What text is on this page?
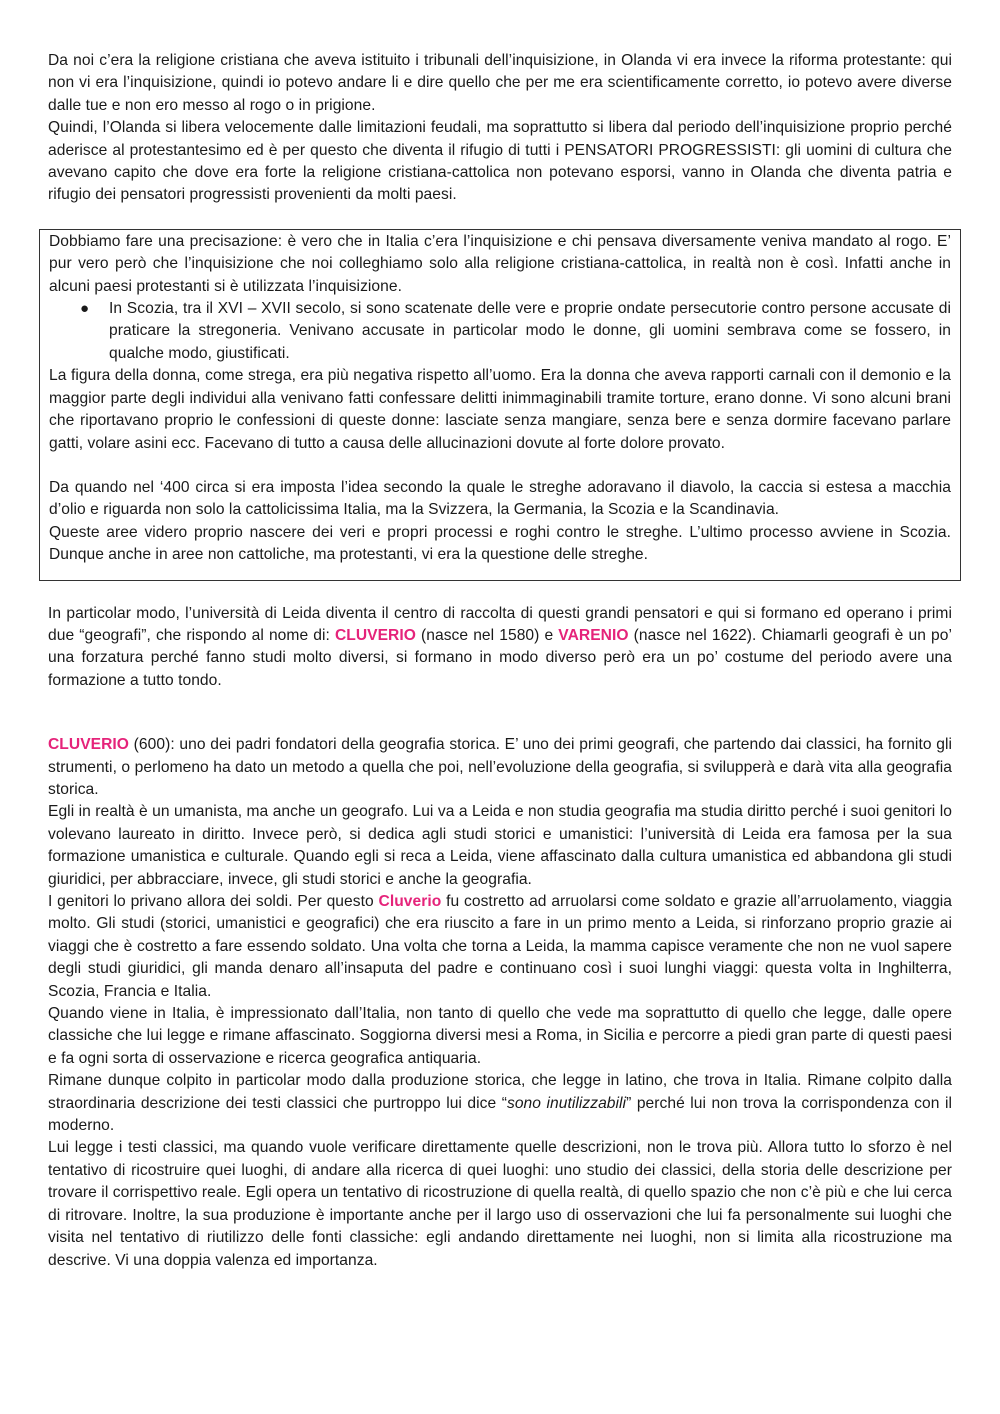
Da noi c’era la religione cristiana che aveva istituito i tribunali dell’inquisizione, in Olanda vi era invece la riforma protestante: qui non vi era l’inquisizione, quindi io potevo andare li e dire quello che per me era scientificamente corretto, io potevo avere diverse dalle tue e non ero messo al rogo o in prigione.

Quindi, l’Olanda si libera velocemente dalle limitazioni feudali, ma soprattutto si libera dal periodo dell’inquisizione proprio perché aderisce al protestantesimo ed è per questo che diventa il rifugio di tutti i PENSATORI PROGRESSISTI: gli uomini di cultura che avevano capito che dove era forte la religione cristiana-cattolica non potevano esporsi, vanno in Olanda che diventa patria e rifugio dei pensatori progressisti provenienti da molti paesi.

Dobbiamo fare una precisazione: è vero che in Italia c’era l’inquisizione e chi pensava diversamente veniva mandato al rogo. E’ pur vero però che l’inquisizione che noi colleghiamo solo alla religione cristiana-cattolica, in realtà non è così. Infatti anche in alcuni paesi protestanti si è utilizzata l’inquisizione.

● In Scozia, tra il XVI – XVII secolo, si sono scatenate delle vere e proprie ondate persecutorie contro persone accusate di praticare la stregoneria. Venivano accusate in particolar modo le donne, gli uomini sembrava come se fossero, in qualche modo, giustificati.

La figura della donna, come strega, era più negativa rispetto all’uomo. Era la donna che aveva rapporti carnali con il demonio e la maggior parte degli individui alla venivano fatti confessare delitti inimmaginabili tramite torture, erano donne. Vi sono alcuni brani che riportavano proprio le confessioni di queste donne: lasciate senza mangiare, senza bere e senza dormire facevano parlare gatti, volare asini ecc. Facevano di tutto a causa delle allucinazioni dovute al forte dolore provato.

Da quando nel ‘400 circa si era imposta l’idea secondo la quale le streghe adoravano il diavolo, la caccia si estesa a macchia d’olio e riguarda non solo la cattolicissima Italia, ma la Svizzera, la Germania, la Scozia e la Scandinavia.

Queste aree videro proprio nascere dei veri e propri processi e roghi contro le streghe. L’ultimo processo avviene in Scozia. Dunque anche in aree non cattoliche, ma protestanti, vi era la questione delle streghe.

In particolar modo, l’università di Leida diventa il centro di raccolta di questi grandi pensatori e qui si formano ed operano i primi due “geografi”, che rispondo al nome di: CLUVERIO (nasce nel 1580) e VARENIO (nasce nel 1622). Chiamarli geografi è un po’ una forzatura perché fanno studi molto diversi, si formano in modo diverso però era un po’ costume del periodo avere una formazione a tutto tondo.

CLUVERIO (600): uno dei padri fondatori della geografia storica. E’ uno dei primi geografi, che partendo dai classici, ha fornito gli strumenti, o perlomeno ha dato un metodo a quella che poi, nell’evoluzione della geografia, si svilupperà e darà vita alla geografia storica.

Egli in realtà è un umanista, ma anche un geografo. Lui va a Leida e non studia geografia ma studia diritto perché i suoi genitori lo volevano laureato in diritto. Invece però, si dedica agli studi storici e umanistici: l’università di Leida era famosa per la sua formazione umanistica e culturale. Quando egli si reca a Leida, viene affascinato dalla cultura umanistica ed abbandona gli studi giuridici, per abbracciare, invece, gli studi storici e anche la geografia.

I genitori lo privano allora dei soldi. Per questo Cluverio fu costretto ad arruolarsi come soldato e grazie all’arruolamento, viaggia molto. Gli studi (storici, umanistici e geografici) che era riuscito a fare in un primo mento a Leida, si rinforzano proprio grazie ai viaggi che è costretto a fare essendo soldato. Una volta che torna a Leida, la mamma capisce veramente che non ne vuol sapere degli studi giuridici, gli manda denaro all’insaputa del padre e continuano così i suoi lunghi viaggi: questa volta in Inghilterra, Scozia, Francia e Italia.

Quando viene in Italia, è impressionato dall’Italia, non tanto di quello che vede ma soprattutto di quello che legge, dalle opere classiche che lui legge e rimane affascinato. Soggiorna diversi mesi a Roma, in Sicilia e percorre a piedi gran parte di questi paesi e fa ogni sorta di osservazione e ricerca geografica antiquaria.

Rimane dunque colpito in particolar modo dalla produzione storica, che legge in latino, che trova in Italia. Rimane colpito dalla straordinaria descrizione dei testi classici che purtroppo lui dice “sono inutilizzabili” perché lui non trova la corrispondenza con il moderno.

Lui legge i testi classici, ma quando vuole verificare direttamente quelle descrizioni, non le trova più. Allora tutto lo sforzo è nel tentativo di ricostruire quei luoghi, di andare alla ricerca di quei luoghi: uno studio dei classici, della storia delle descrizione per trovare il corrispettivo reale. Egli opera un tentativo di ricostruzione di quella realtà, di quello spazio che non c’è più e che lui cerca di ritrovare. Inoltre, la sua produzione è importante anche per il largo uso di osservazioni che lui fa personalmente sui luoghi che visita nel tentativo di riutilizzo delle fonti classiche: egli andando direttamente nei luoghi, non si limita alla ricostruzione ma descrive. Vi una doppia valenza ed importanza.
